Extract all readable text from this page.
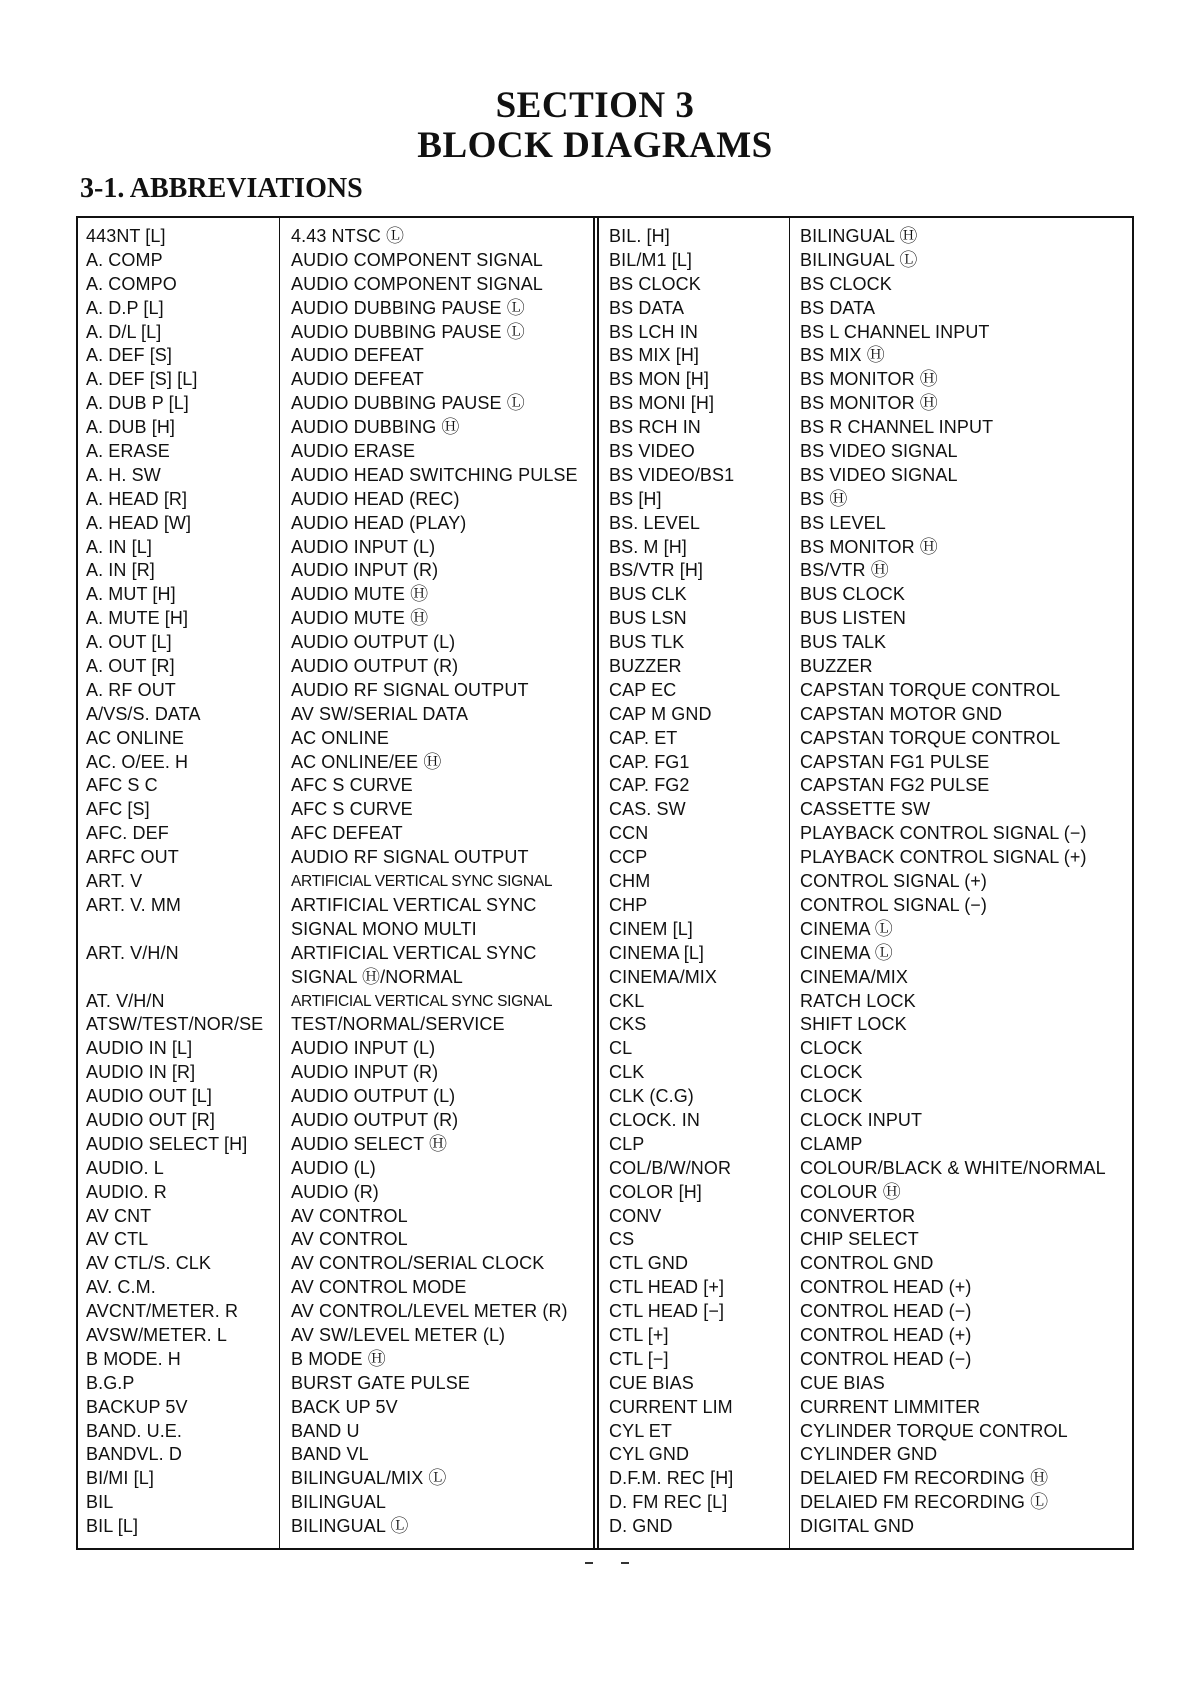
SECTION 3
BLOCK DIAGRAMS
3-1. ABBREVIATIONS
443NT [L]
A. COMP
A. COMPO
A. D.P [L]
A. D/L [L]
A. DEF [S]
A. DEF [S] [L]
A. DUB P [L]
A. DUB [H]
A. ERASE
A. H. SW
A. HEAD [R]
A. HEAD [W]
A. IN [L]
A. IN [R]
A. MUT [H]
A. MUTE [H]
A. OUT [L]
A. OUT [R]
A. RF OUT
A/VS/S. DATA
AC ONLINE
AC. O/EE. H
AFC S C
AFC [S]
AFC. DEF
ARFC OUT
ART. V
ART. V. MM
ART. V/H/N
AT. V/H/N
ATSW/TEST/NOR/SE
AUDIO IN [L]
AUDIO IN [R]
AUDIO OUT [L]
AUDIO OUT [R]
AUDIO SELECT [H]
AUDIO. L
AUDIO. R
AV CNT
AV CTL
AV CTL/S. CLK
AV. C.M.
AVCNT/METER. R
AVSW/METER. L
B MODE. H
B.G.P
BACKUP 5V
BAND. U.E.
BANDVL. D
BI/MI [L]
BIL
BIL [L]
4.43 NTSC Ⓛ
AUDIO COMPONENT SIGNAL
AUDIO COMPONENT SIGNAL
AUDIO DUBBING PAUSE Ⓛ
AUDIO DUBBING PAUSE Ⓛ
AUDIO DEFEAT
AUDIO DEFEAT
AUDIO DUBBING PAUSE Ⓛ
AUDIO DUBBING Ⓗ
AUDIO ERASE
AUDIO HEAD SWITCHING PULSE
AUDIO HEAD (REC)
AUDIO HEAD (PLAY)
AUDIO INPUT (L)
AUDIO INPUT (R)
AUDIO MUTE Ⓗ
AUDIO MUTE Ⓗ
AUDIO OUTPUT (L)
AUDIO OUTPUT (R)
AUDIO RF SIGNAL OUTPUT
AV SW/SERIAL DATA
AC ONLINE
AC ONLINE/EE Ⓗ
AFC S CURVE
AFC S CURVE
AFC DEFEAT
AUDIO RF SIGNAL OUTPUT
ARTIFICIAL VERTICAL SYNC SIGNAL
ARTIFICIAL VERTICAL SYNC
SIGNAL MONO MULTI
ARTIFICIAL VERTICAL SYNC
SIGNAL Ⓗ/NORMAL
ARTIFICIAL VERTICAL SYNC SIGNAL
TEST/NORMAL/SERVICE
AUDIO INPUT (L)
AUDIO INPUT (R)
AUDIO OUTPUT (L)
AUDIO OUTPUT (R)
AUDIO SELECT Ⓗ
AUDIO (L)
AUDIO (R)
AV CONTROL
AV CONTROL
AV CONTROL/SERIAL CLOCK
AV CONTROL MODE
AV CONTROL/LEVEL METER (R)
AV SW/LEVEL METER (L)
B MODE Ⓗ
BURST GATE PULSE
BACK UP 5V
BAND U
BAND VL
BILINGUAL/MIX Ⓛ
BILINGUAL
BILINGUAL Ⓛ
BIL. [H]
BIL/M1 [L]
BS CLOCK
BS DATA
BS LCH IN
BS MIX [H]
BS MON [H]
BS MONI [H]
BS RCH IN
BS VIDEO
BS VIDEO/BS1
BS [H]
BS. LEVEL
BS. M [H]
BS/VTR [H]
BUS CLK
BUS LSN
BUS TLK
BUZZER
CAP EC
CAP M GND
CAP. ET
CAP. FG1
CAP. FG2
CAS. SW
CCN
CCP
CHM
CHP
CINEM [L]
CINEMA [L]
CINEMA/MIX
CKL
CKS
CL
CLK
CLK (C.G)
CLOCK. IN
CLP
COL/B/W/NOR
COLOR [H]
CONV
CS
CTL GND
CTL HEAD [+]
CTL HEAD [−]
CTL [+]
CTL [−]
CUE BIAS
CURRENT LIM
CYL ET
CYL GND
D.F.M. REC [H]
D. FM REC [L]
D. GND
BILINGUAL Ⓗ
BILINGUAL Ⓛ
BS CLOCK
BS DATA
BS L CHANNEL INPUT
BS MIX Ⓗ
BS MONITOR Ⓗ
BS MONITOR Ⓗ
BS R CHANNEL INPUT
BS VIDEO SIGNAL
BS VIDEO SIGNAL
BS Ⓗ
BS LEVEL
BS MONITOR Ⓗ
BS/VTR Ⓗ
BUS CLOCK
BUS LISTEN
BUS TALK
BUZZER
CAPSTAN TORQUE CONTROL
CAPSTAN MOTOR GND
CAPSTAN TORQUE CONTROL
CAPSTAN FG1 PULSE
CAPSTAN FG2 PULSE
CASSETTE SW
PLAYBACK CONTROL SIGNAL (−)
PLAYBACK CONTROL SIGNAL (+)
CONTROL SIGNAL (+)
CONTROL SIGNAL (−)
CINEMA Ⓛ
CINEMA Ⓛ
CINEMA/MIX
RATCH LOCK
SHIFT LOCK
CLOCK
CLOCK
CLOCK
CLOCK INPUT
CLAMP
COLOUR/BLACK & WHITE/NORMAL
COLOUR Ⓗ
CONVERTOR
CHIP SELECT
CONTROL GND
CONTROL HEAD (+)
CONTROL HEAD (−)
CONTROL HEAD (+)
CONTROL HEAD (−)
CUE BIAS
CURRENT LIMMITER
CYLINDER TORQUE CONTROL
CYLINDER GND
DELAIED FM RECORDING Ⓗ
DELAIED FM RECORDING Ⓛ
DIGITAL GND
